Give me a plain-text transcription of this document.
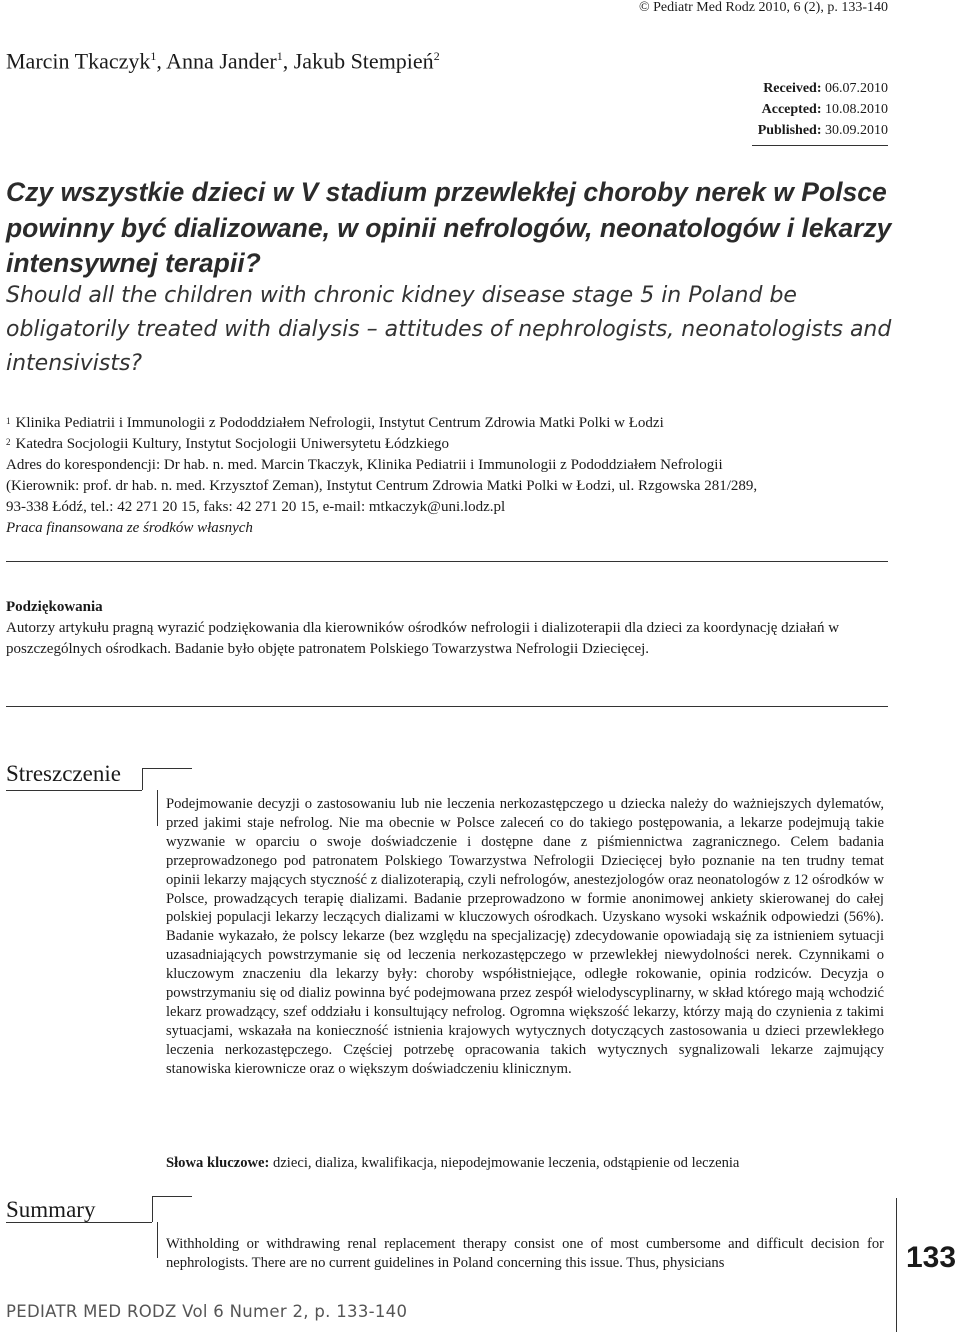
© Pediatr Med Rodz 2010, 6 (2), p. 133-140
Marcin Tkaczyk$^1$, Anna Jander$^1$, Jakub Stempień$^2$
Received: 06.07.2010
Accepted: 10.08.2010
Published: 30.09.2010
Czy wszystkie dzieci w V stadium przewlekłej choroby nerek w Polsce powinny być dializowane, w opinii nefrologów, neonatologów i lekarzy intensywnej terapii?
Should all the children with chronic kidney disease stage 5 in Poland be obligatorily treated with dialysis – attitudes of nephrologists, neonatologists and intensivists?
$^1$ Klinika Pediatrii i Immunologii z Pododdziałem Nefrologii, Instytut Centrum Zdrowia Matki Polki w Łodzi
$^2$ Katedra Socjologii Kultury, Instytut Socjologii Uniwersytetu Łódzkiego
Adres do korespondencji: Dr hab. n. med. Marcin Tkaczyk, Klinika Pediatrii i Immunologii z Pododdziałem Nefrologii
(Kierownik: prof. dr hab. n. med. Krzysztof Zeman), Instytut Centrum Zdrowia Matki Polki w Łodzi, ul. Rzgowska 281/289,
93-338 Łódź, tel.: 42 271 20 15, faks: 42 271 20 15, e-mail: mtkaczyk@uni.lodz.pl
Praca finansowana ze środków własnych
Podziękowania
Autorzy artykułu pragną wyrazić podziękowania dla kierowników ośrodków nefrologii i dializoterapii dla dzieci za koordynację działań w poszczególnych ośrodkach. Badanie było objęte patronatem Polskiego Towarzystwa Nefrologii Dziecięcej.
Streszczenie

Podejmowanie decyzji o zastosowaniu lub nie leczenia nerkozastępczego u dziecka należy do ważniejszych dylematów, przed jakimi staje nefrolog. Nie ma obecnie w Polsce zaleceń co do takiego postępowania, a lekarze podejmują takie wyzwanie w oparciu o swoje doświadczenie i dostępne dane z piśmiennictwa zagranicznego. Celem badania przeprowadzonego pod patronatem Polskiego Towarzystwa Nefrologii Dziecięcej było poznanie na ten trudny temat opinii lekarzy mających styczność z dializoterapią, czyli nefrologów, anestezjologów oraz neonatologów z 12 ośrodków w Polsce, prowadzących terapię dializami. Badanie przeprowadzono w formie anonimowej ankiety skierowanej do całej polskiej populacji lekarzy leczących dializami w kluczowych ośrodkach. Uzyskano wysoki wskaźnik odpowiedzi (56%). Badanie wykazało, że polscy lekarze (bez względu na specjalizację) zdecydowanie opowiadają się za istnieniem sytuacji uzasadniających powstrzymanie się od leczenia nerkozastępczego w przewlekłej niewydolności nerek. Czynnikami o kluczowym znaczeniu dla lekarzy były: choroby współistniejące, odległe rokowanie, opinia rodziców. Decyzja o powstrzymaniu się od dializ powinna być podejmowana przez zespół wielodyscyplinarny, w skład którego mają wchodzić lekarz prowadzący, szef oddziału i konsultujący nefrolog. Ogromna większość lekarzy, którzy mają do czynienia z takimi sytuacjami, wskazała na konieczność istnienia krajowych wytycznych dotyczących zastosowania u dzieci przewlekłego leczenia nerkozastępczego. Częściej potrzebę opracowania takich wytycznych sygnalizowali lekarze zajmujący stanowiska kierownicze oraz o większym doświadczeniu klinicznym.

Słowa kluczowe: dzieci, dializa, kwalifikacja, niepodejmowanie leczenia, odstąpienie od leczenia
Summary
Withholding or withdrawing renal replacement therapy consist one of most cumbersome and difficult decision for nephrologists. There are no current guidelines in Poland concerning this issue. Thus, physicians	133
PEDIATR MED RODZ Vol 6 Numer 2, p. 133-140
